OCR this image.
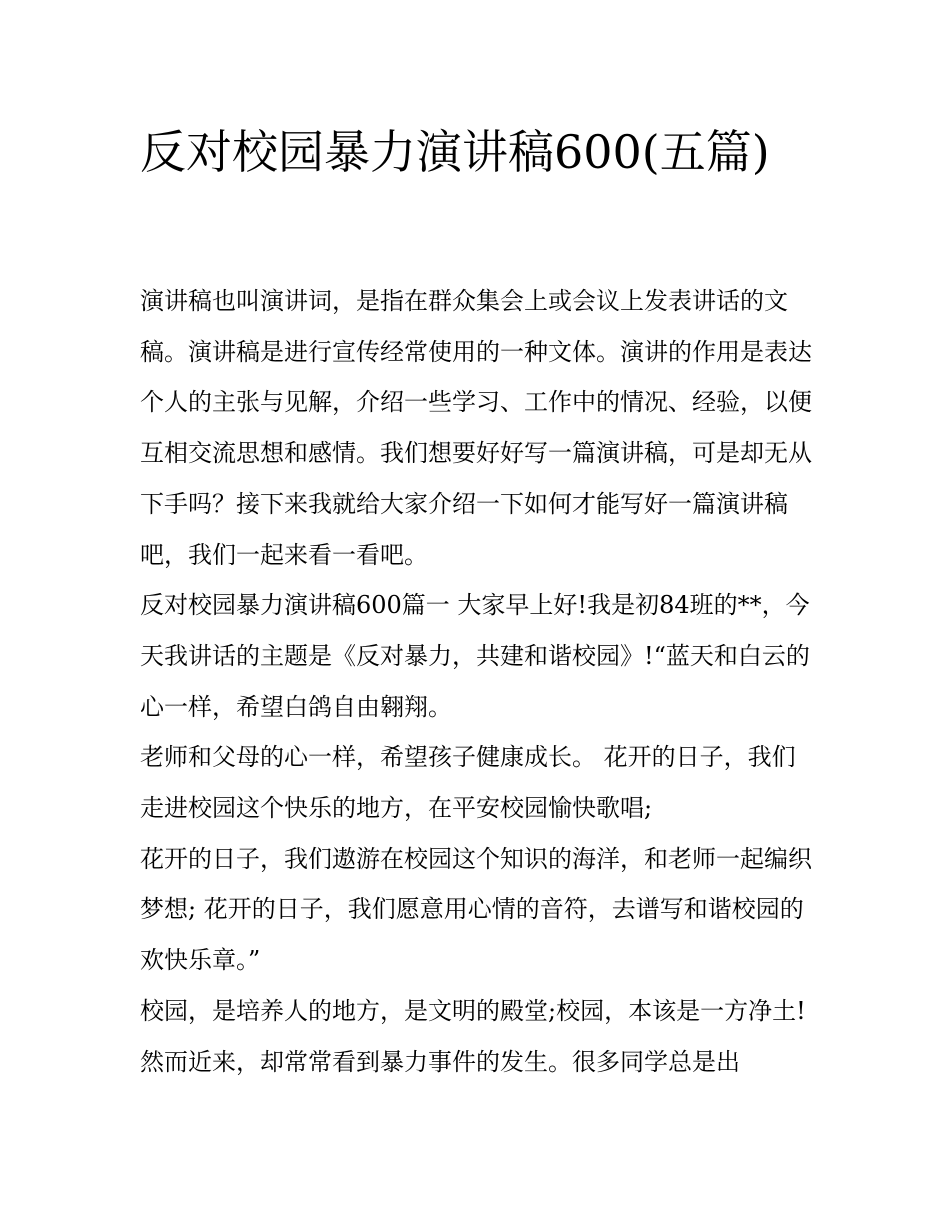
反对校园暴力演讲稿600(五篇)

演讲稿也叫演讲词，是指在群众集会上或会议上发表讲话的文稿。演讲稿是进行宣传经常使用的一种文体。演讲的作用是表达个人的主张与见解，介绍一些学习、工作中的情况、经验，以便互相交流思想和感情。我们想要好好写一篇演讲稿，可是却无从下手吗？接下来我就给大家介绍一下如何才能写好一篇演讲稿吧，我们一起来看一看吧。

反对校园暴力演讲稿600篇一 大家早上好!我是初84班的**，今天我讲话的主题是《反对暴力，共建和谐校园》!“蓝天和白云的心一样，希望白鸽自由翱翔。

老师和父母的心一样，希望孩子健康成长。 花开的日子，我们走进校园这个快乐的地方，在平安校园愉快歌唱;

花开的日子，我们遨游在校园这个知识的海洋，和老师一起编织梦想; 花开的日子，我们愿意用心情的音符，去谱写和谐校园的欢快乐章。”

校园，是培养人的地方，是文明的殿堂;校园，本该是一方净土!然而近来，却常常看到暴力事件的发生。很多同学总是出
